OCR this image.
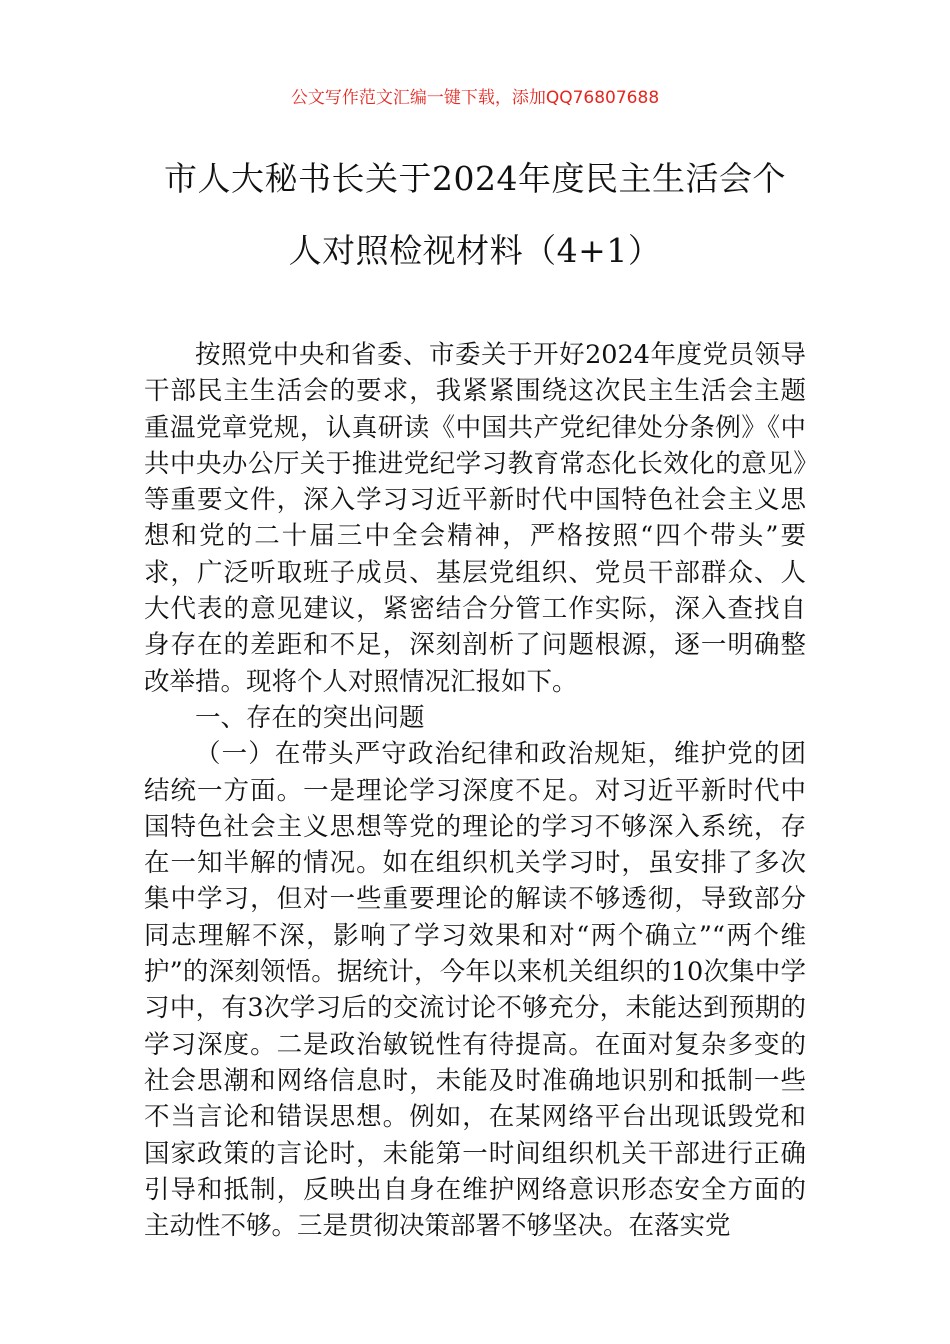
公文写作范文汇编一键下载，添加QQ76807688
市人大秘书长关于2024年度民主生活会个
人对照检视材料（4+1）

按照党中央和省委、市委关于开好2024年度党员领导干部民主生活会的要求，我紧紧围绕这次民主生活会主题重温党章党规，认真研读《中国共产党纪律处分条例》《中共中央办公厅关于推进党纪学习教育常态化长效化的意见》等重要文件，深入学习习近平新时代中国特色社会主义思想和党的二十届三中全会精神，严格按照“四个带头”要求，广泛听取班子成员、基层党组织、党员干部群众、人大代表的意见建议，紧密结合分管工作实际，深入查找自身存在的差距和不足，深刻剖析了问题根源，逐一明确整改举措。现将个人对照情况汇报如下。

一、存在的突出问题

（一）在带头严守政治纪律和政治规矩，维护党的团结统一方面。一是理论学习深度不足。对习近平新时代中国特色社会主义思想等党的理论的学习不够深入系统，存在一知半解的情况。如在组织机关学习时，虽安排了多次集中学习，但对一些重要理论的解读不够透彻，导致部分同志理解不深，影响了学习效果和对“两个确立”“两个维护”的深刻领悟。据统计，今年以来机关组织的10次集中学习中，有3次学习后的交流讨论不够充分，未能达到预期的学习深度。二是政治敏锐性有待提高。在面对复杂多变的社会思潮和网络信息时，未能及时准确地识别和抵制一些不当言论和错误思想。例如，在某网络平台出现诋毁党和国家政策的言论时，未能第一时间组织机关干部进行正确引导和抵制，反映出自身在维护网络意识形态安全方面的主动性不够。三是贯彻决策部署不够坚决。在落实党
